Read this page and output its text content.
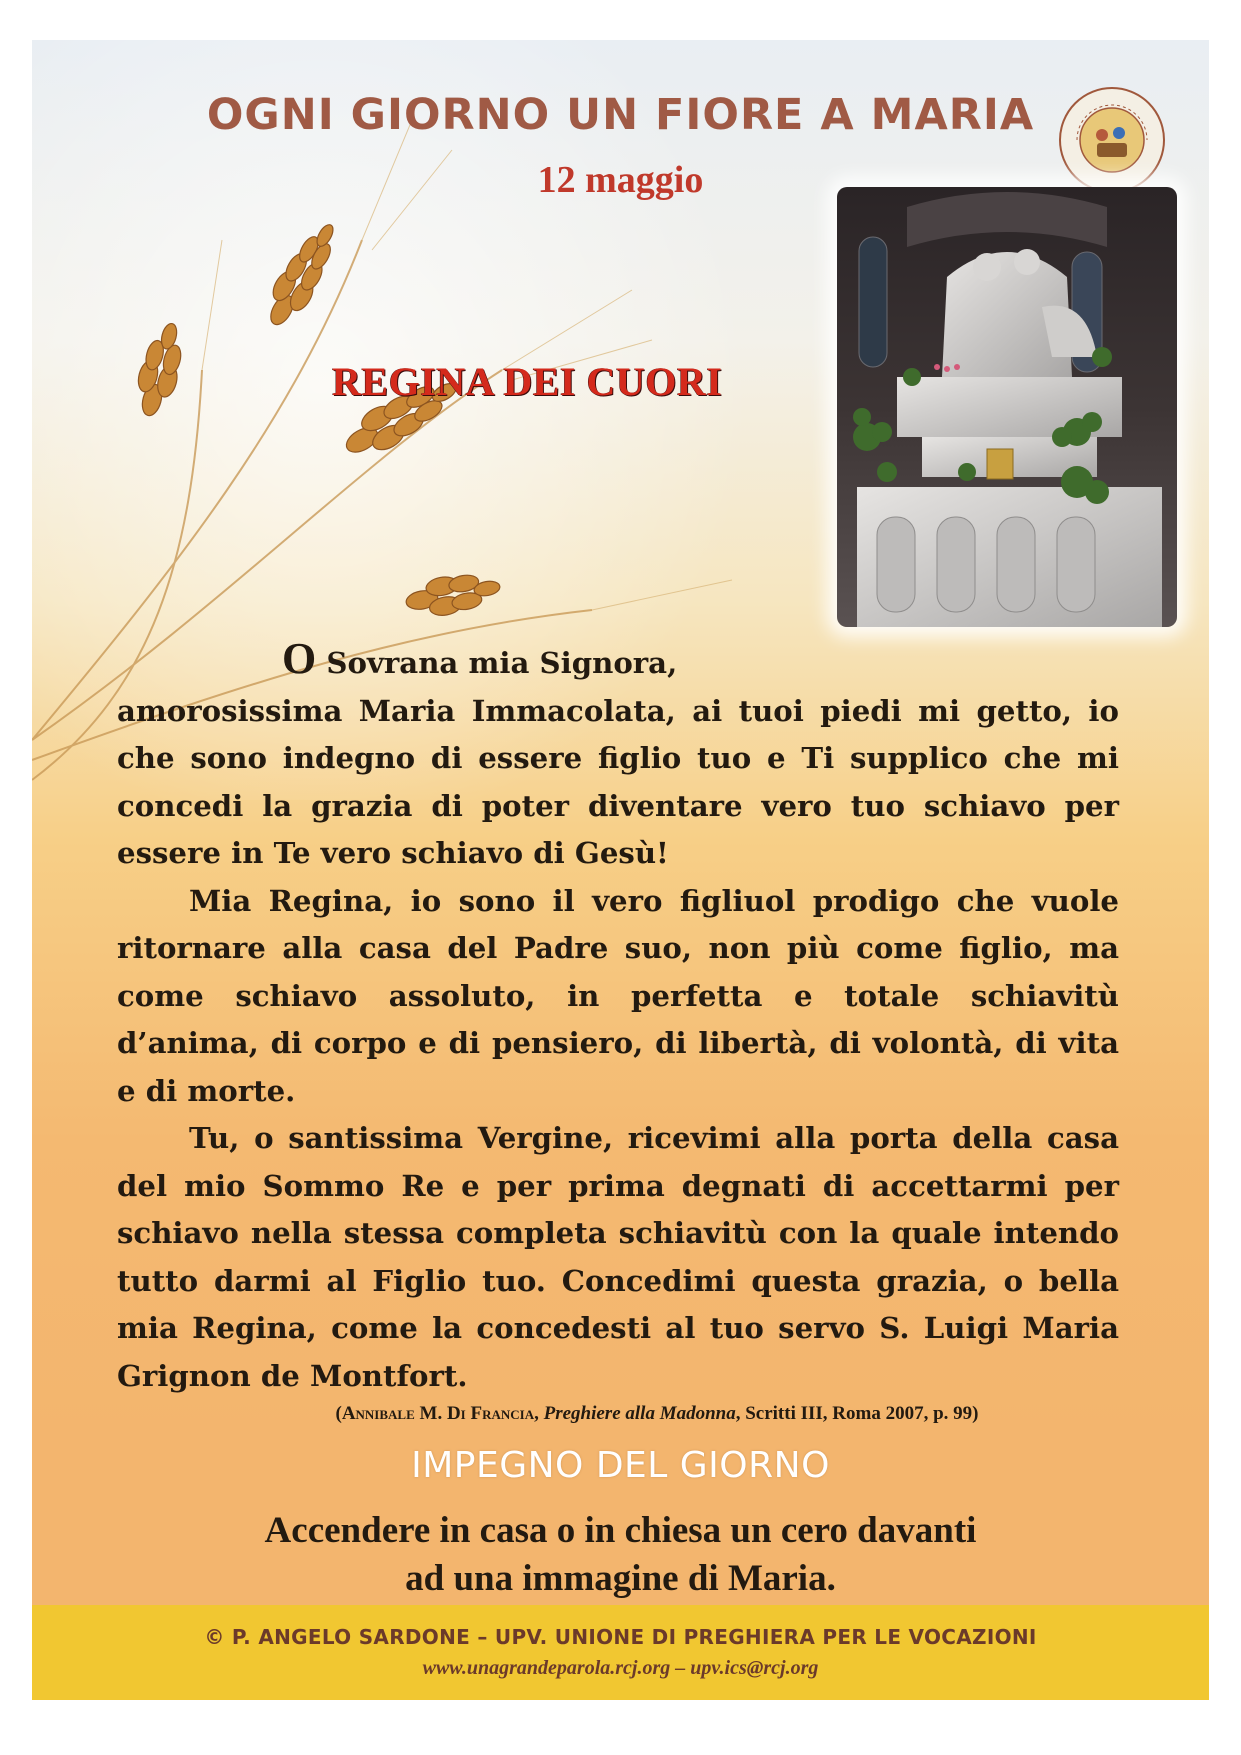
OGNI GIORNO UN FIORE A MARIA
12 maggio
REGINA DEI CUORI

O Sovrana mia Signora,
amorosissima Maria Immacolata, ai tuoi piedi mi getto, io che sono indegno di essere figlio tuo e Ti supplico che mi concedi la grazia di poter diventare vero tuo schiavo per essere in Te vero schiavo di Gesù!

Mia Regina, io sono il vero figliuol prodigo che vuole ritornare alla casa del Padre suo, non più come figlio, ma come schiavo assoluto, in perfetta e totale schiavitù d’anima, di corpo e di pensiero, di libertà, di volontà, di vita e di morte.

Tu, o santissima Vergine, ricevimi alla porta della casa del mio Sommo Re e per prima degnati di accettarmi per schiavo nella stessa completa schiavitù con la quale intendo tutto darmi al Figlio tuo. Concedimi questa grazia, o bella mia Regina, come la concedesti al tuo servo S. Luigi Maria Grignon de Montfort.

(Annibale M. Di Francia, Preghiere alla Madonna, Scritti III, Roma 2007, p. 99)
IMPEGNO DEL GIORNO
Accendere in casa o in chiesa un cero davanti
ad una immagine di Maria.
© P. ANGELO SARDONE – UPV. UNIONE DI PREGHIERA PER LE VOCAZIONI
www.unagrandeparola.rcj.org – upv.ics@rcj.org
